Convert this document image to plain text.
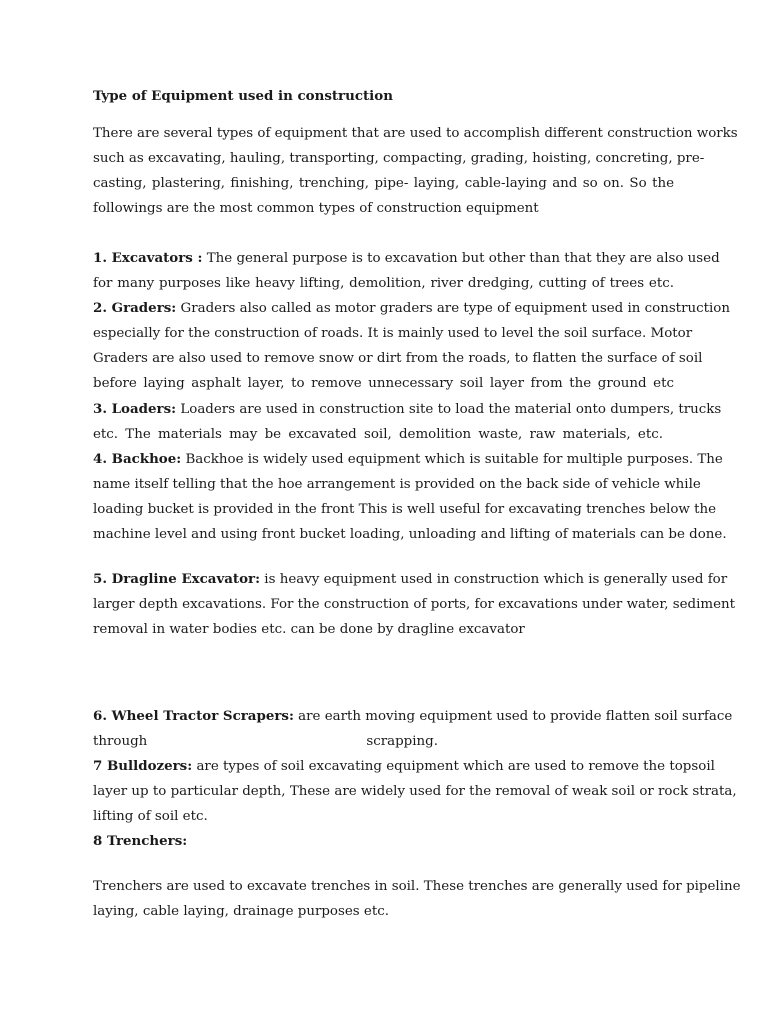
Type of Equipment used in construction
There are several types of equipment that are used to accomplish different construction works
such as excavating, hauling, transporting, compacting, grading, hoisting, concreting, pre-
casting, plastering, finishing, trenching, pipe- laying, cable-laying and so on. So the
followings are the most common types of construction equipment
1. Excavators : The general purpose is to excavation but other than that they are also used
for many purposes like heavy lifting, demolition, river dredging, cutting of trees etc.
2. Graders: Graders also called as motor graders are type of equipment used in construction
especially for the construction of roads. It is mainly used to level the soil surface. Motor
Graders are also used to remove snow or dirt from the roads, to flatten the surface of soil
before laying asphalt layer, to remove unnecessary soil layer from the ground etc
3. Loaders: Loaders are used in construction site to load the material onto dumpers, trucks
etc. The materials may be excavated soil, demolition waste, raw materials, etc.
4. Backhoe: Backhoe is widely used equipment which is suitable for multiple purposes. The
name itself telling that the hoe arrangement is provided on the back side of vehicle while
loading bucket is provided in the front This is well useful for excavating trenches below the
machine level and using front bucket loading, unloading and lifting of materials can be done.
5. Dragline Excavator: is heavy equipment used in construction which is generally used for
larger depth excavations. For the construction of ports, for excavations under water, sediment
removal in water bodies etc. can be done by dragline excavator
6. Wheel Tractor Scrapers: are earth moving equipment used to provide flatten soil surface
through	scrapping.
7 Bulldozers: are types of soil excavating equipment which are used to remove the topsoil
layer up to particular depth, These are widely used for the removal of weak soil or rock strata,
lifting of soil etc.
8 Trenchers:
Trenchers are used to excavate trenches in soil. These trenches are generally used for pipeline
laying, cable laying, drainage purposes etc.
